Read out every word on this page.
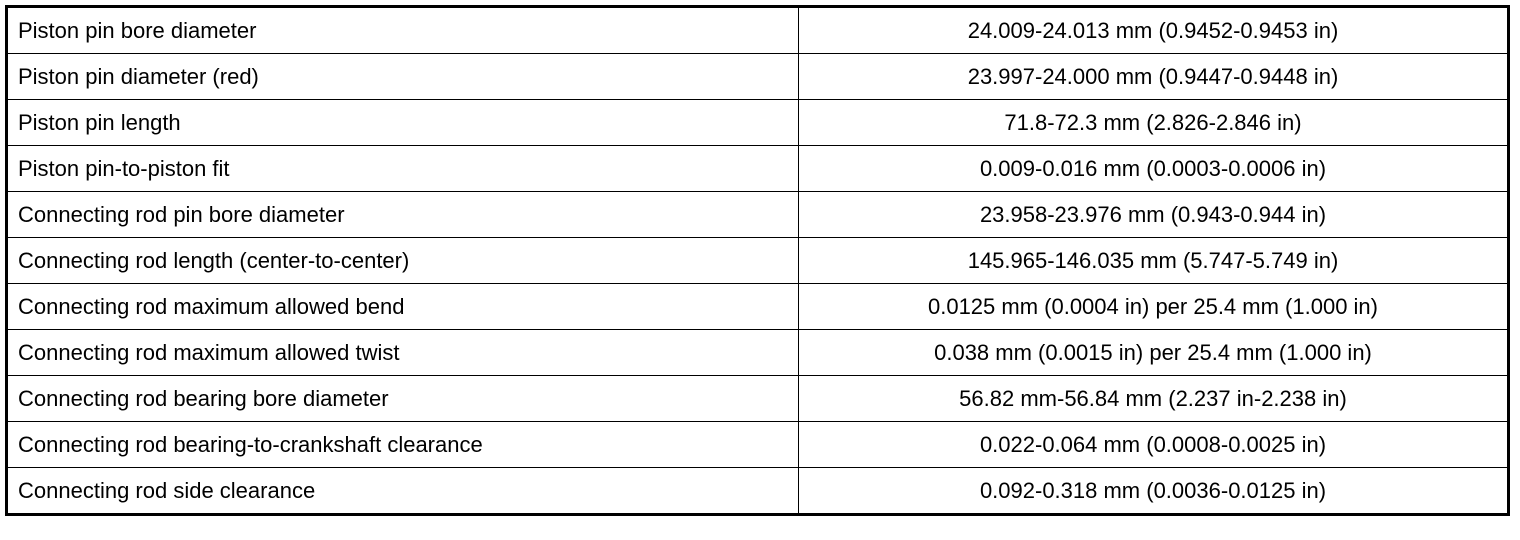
Piston pin bore diameter	24.009-24.013 mm (0.9452-0.9453 in)
Piston pin diameter (red)	23.997-24.000 mm (0.9447-0.9448 in)
Piston pin length	71.8-72.3 mm (2.826-2.846 in)
Piston pin-to-piston fit	0.009-0.016 mm (0.0003-0.0006 in)
Connecting rod pin bore diameter	23.958-23.976 mm (0.943-0.944 in)
Connecting rod length (center-to-center)	145.965-146.035 mm (5.747-5.749 in)
Connecting rod maximum allowed bend	0.0125 mm (0.0004 in) per 25.4 mm (1.000 in)
Connecting rod maximum allowed twist	0.038 mm (0.0015 in) per 25.4 mm (1.000 in)
Connecting rod bearing bore diameter	56.82 mm-56.84 mm (2.237 in-2.238 in)
Connecting rod bearing-to-crankshaft clearance	0.022-0.064 mm (0.0008-0.0025 in)
Connecting rod side clearance	0.092-0.318 mm (0.0036-0.0125 in)
